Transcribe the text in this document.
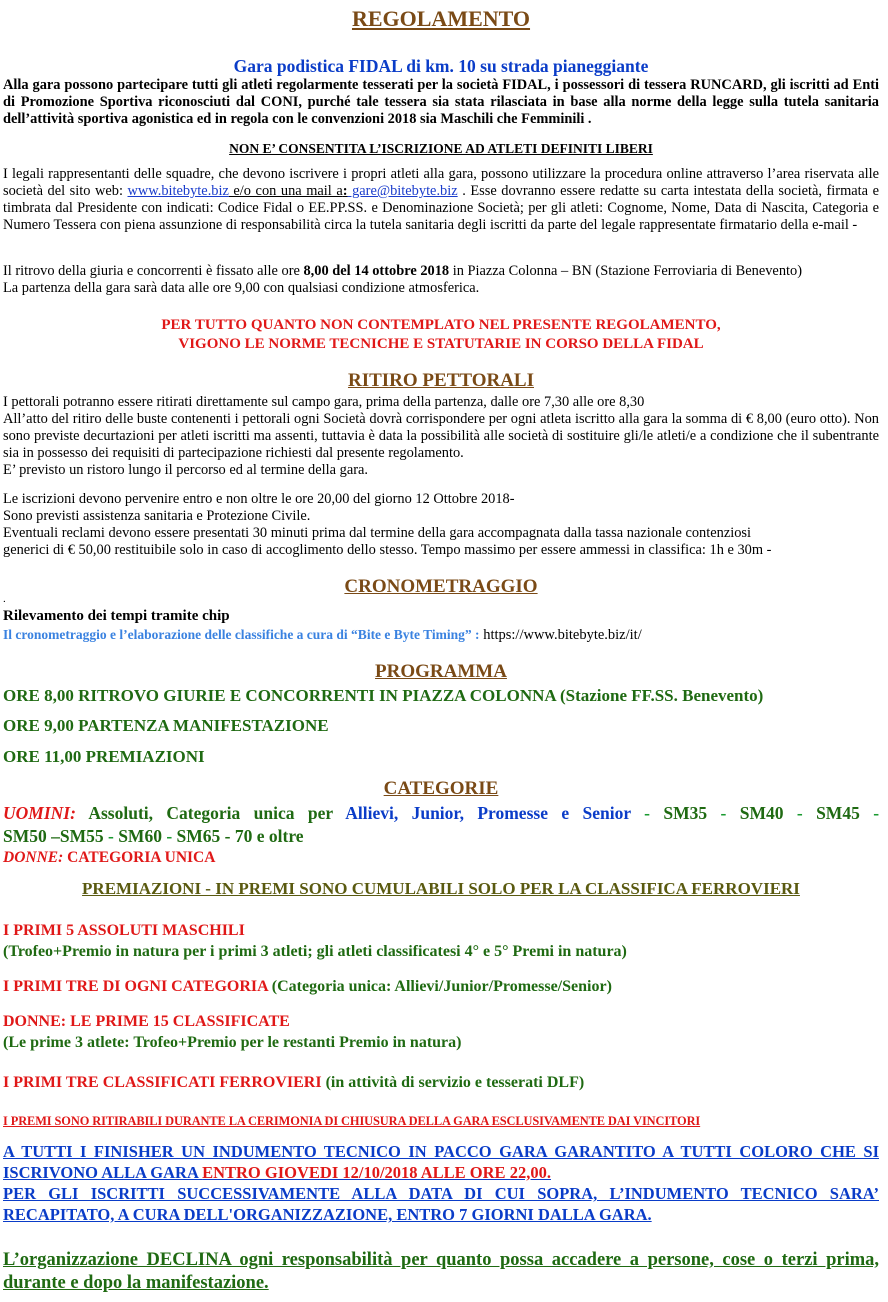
REGOLAMENTO
Gara podistica FIDAL di km. 10 su strada pianeggiante
Alla gara possono partecipare tutti gli atleti regolarmente tesserati per la società FIDAL, i possessori di tessera RUNCARD, gli iscritti ad Enti di Promozione Sportiva riconosciuti dal CONI, purché tale tessera sia stata rilasciata in base alla norme della legge sulla tutela sanitaria dell’attività sportiva agonistica ed in regola con le convenzioni 2018 sia Maschili che Femminili .
NON E’ CONSENTITA L’ISCRIZIONE AD ATLETI DEFINITI LIBERI
I legali rappresentanti delle squadre, che devono iscrivere i propri atleti alla gara, possono utilizzare la procedura online attraverso l’area riservata alle società del sito web: www.bitebyte.biz e/o con una mail a: gare@bitebyte.biz . Esse dovranno essere redatte su carta intestata della società, firmata e timbrata dal Presidente con indicati: Codice Fidal o EE.PP.SS. e Denominazione Società; per gli atleti: Cognome, Nome, Data di Nascita, Categoria e Numero Tessera con piena assunzione di responsabilità circa la tutela sanitaria degli iscritti da parte del legale rappresentate firmatario della e-mail -
Il ritrovo della giuria e concorrenti è fissato alle ore 8,00 del 14 ottobre 2018 in Piazza Colonna – BN (Stazione Ferroviaria di Benevento)
La partenza della gara sarà data alle ore 9,00 con qualsiasi condizione atmosferica.
PER TUTTO QUANTO NON CONTEMPLATO NEL PRESENTE REGOLAMENTO,
VIGONO LE NORME TECNICHE E STATUTARIE IN CORSO DELLA FIDAL
RITIRO PETTORALI
I pettorali potranno essere ritirati direttamente sul campo gara, prima della partenza, dalle ore 7,30 alle ore 8,30
All’atto del ritiro delle buste contenenti i pettorali ogni Società dovrà corrispondere per ogni atleta iscritto alla gara la somma di € 8,00 (euro otto). Non sono previste decurtazioni per atleti iscritti ma assenti, tuttavia è data la possibilità alle società di sostituire gli/le atleti/e a condizione che il subentrante sia in possesso dei requisiti di partecipazione richiesti dal presente regolamento.
E’ previsto un ristoro lungo il percorso ed al termine della gara.
Le iscrizioni devono pervenire entro e non oltre le ore 20,00 del giorno 12 Ottobre 2018-
Sono previsti assistenza sanitaria e Protezione Civile.
Eventuali reclami devono essere presentati 30 minuti prima dal termine della gara accompagnata dalla tassa nazionale contenziosi
generici di € 50,00 restituibile solo in caso di accoglimento dello stesso. Tempo massimo per essere ammessi in classifica: 1h e 30m -
CRONOMETRAGGIO
.
Rilevamento dei tempi tramite chip
Il cronometraggio e l’elaborazione delle classifiche a cura di “Bite e Byte Timing” : https://www.bitebyte.biz/it/
PROGRAMMA
ORE 8,00 RITROVO GIURIE E CONCORRENTI IN PIAZZA COLONNA (Stazione FF.SS. Benevento)
ORE 9,00 PARTENZA MANIFESTAZIONE
ORE 11,00 PREMIAZIONI
CATEGORIE
UOMINI: Assoluti, Categoria unica per Allievi, Junior, Promesse e Senior - SM35 - SM40 - SM45 -
SM50 –SM55 - SM60 - SM65 - 70 e oltre
DONNE: CATEGORIA UNICA
PREMIAZIONI - IN PREMI SONO CUMULABILI SOLO PER LA CLASSIFICA FERROVIERI
I PRIMI 5 ASSOLUTI MASCHILI
(Trofeo+Premio in natura per i primi 3 atleti; gli atleti classificatesi 4° e 5° Premi in natura)
I PRIMI TRE DI OGNI CATEGORIA (Categoria unica: Allievi/Junior/Promesse/Senior)
DONNE: LE PRIME 15 CLASSIFICATE
(Le prime 3 atlete: Trofeo+Premio per le restanti Premio in natura)
I PRIMI TRE CLASSIFICATI FERROVIERI (in attività di servizio e tesserati DLF)
I PREMI SONO RITIRABILI DURANTE LA CERIMONIA DI CHIUSURA DELLA GARA ESCLUSIVAMENTE DAI VINCITORI
A TUTTI I FINISHER UN INDUMENTO TECNICO IN PACCO GARA GARANTITO A TUTTI COLORO CHE SI ISCRIVONO ALLA GARA ENTRO GIOVEDI 12/10/2018 ALLE ORE 22,00.
PER GLI ISCRITTI SUCCESSIVAMENTE ALLA DATA DI CUI SOPRA, L’INDUMENTO TECNICO SARA’ RECAPITATO, A CURA DELL'ORGANIZZAZIONE, ENTRO 7 GIORNI DALLA GARA.
L’organizzazione DECLINA ogni responsabilità per quanto possa accadere a persone, cose o terzi prima, durante e dopo la manifestazione.
